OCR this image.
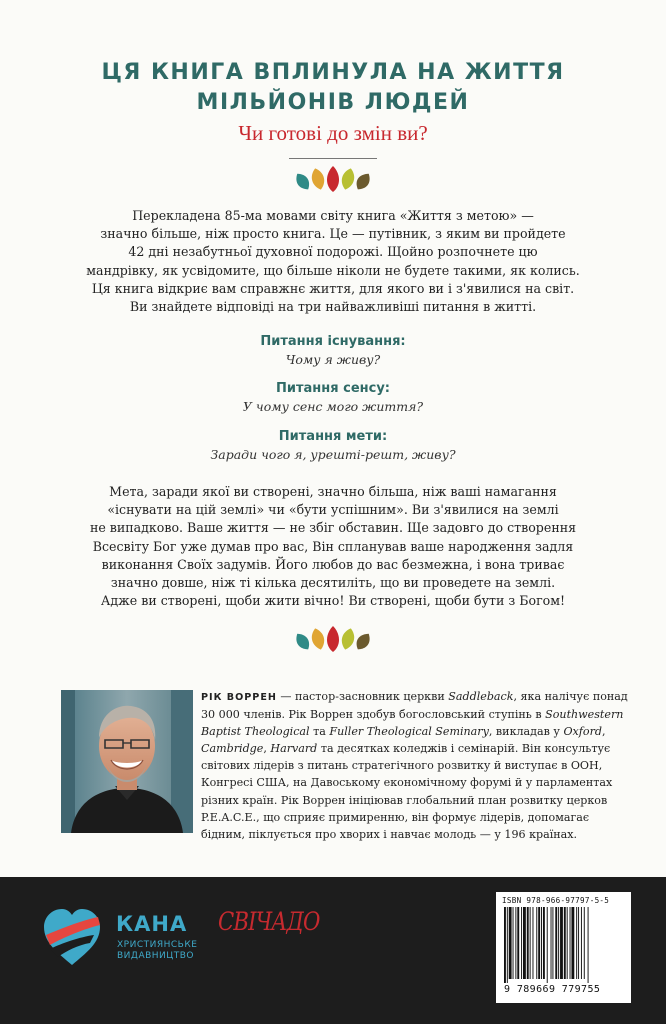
ЦЯ КНИГА ВПЛИНУЛА НА ЖИТТЯ
МІЛЬЙОНІВ ЛЮДЕЙ
Чи готові до змін ви?
Перекладена 85-ма мовами світу книга «Життя з метою» —
значно більше, ніж просто книга. Це — путівник, з яким ви пройдете
42 дні незабутньої духовної подорожі. Щойно розпочнете цю
мандрівку, як усвідомите, що більше ніколи не будете такими, як колись.
Ця книга відкриє вам справжнє життя, для якого ви і з'явилися на світ.
Ви знайдете відповіді на три найважливіші питання в житті.
Питання існування:
Чому я живу?
Питання сенсу:
У чому сенс мого життя?
Питання мети:
Заради чого я, урешті-решт, живу?
Мета, заради якої ви створені, значно більша, ніж ваші намагання
«існувати на цій землі» чи «бути успішним». Ви з'явилися на землі
не випадково. Ваше життя — не збіг обставин. Ще задовго до створення
Всесвіту Бог уже думав про вас, Він спланував ваше народження задля
виконання Своїх задумів. Його любов до вас безмежна, і вона триває
значно довше, ніж ті кілька десятиліть, що ви проведете на землі.
Адже ви створені, щоби жити вічно! Ви створені, щоби бути з Богом!
РІК ВОРРЕН — пастор-засновник церкви Saddleback, яка налічує понад
30 000 членів. Рік Воррен здобув богословський ступінь в Southwestern
Baptist Theological та Fuller Theological Seminary, викладав у Oxford,
Cambridge, Harvard та десятках коледжів і семінарій. Він консультує
світових лідерів з питань стратегічного розвитку й виступає в ООН,
Конгресі США, на Давоському економічному форумі й у парламентах
різних країн. Рік Воррен ініціював глобальний план розвитку церков
P.E.A.C.E., що сприяє примиренню, він формує лідерів, допомагає
бідним, піклується про хворих і навчає молодь — у 196 країнах.
КАНА
ХРИСТИЯНСЬКЕ
ВИДАВНИЦТВО
СВІЧАДО
ISBN 978-966-97797-5-5
9 789669 779755
